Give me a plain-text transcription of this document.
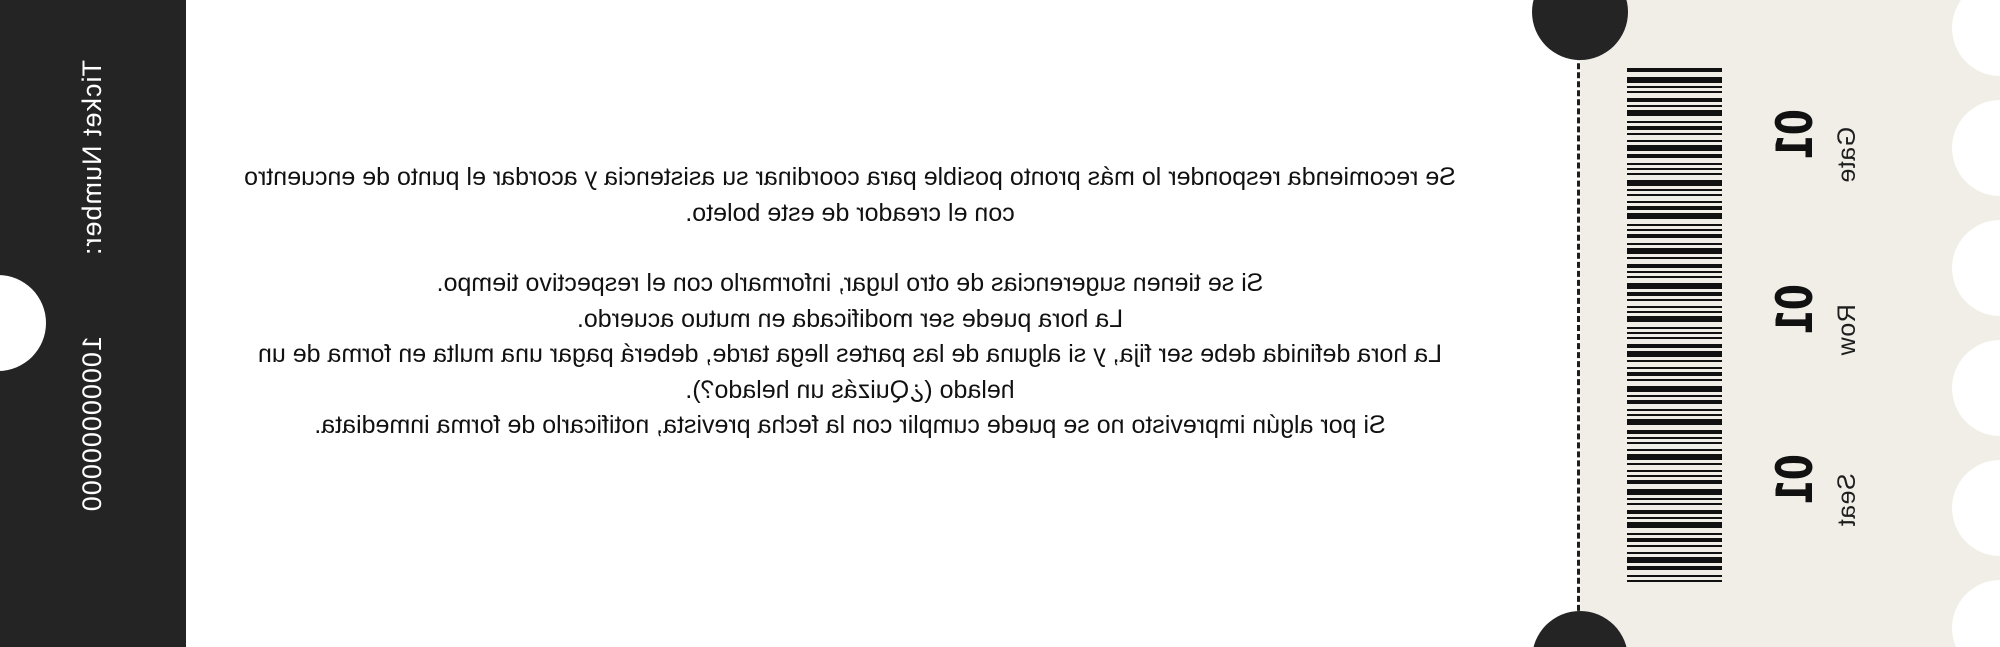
Gate
01
Row
01
Seat
01

Se recomienda responder lo más pronto posible para coordinar su asistencia y acordar el punto de encuentro con el creador de este boleto.

Si se tienen sugerencias de otro lugar, informarlo con el respectivo tiempo.

La hora puede ser modificada en mutuo acuerdo.

La hora definida debe ser fija, y si alguna de las partes llega tarde, deberá pagar una multa en forma de un helado (¿Quizás un helado?).

Si por algún imprevisto no se puede cumplir con la fecha prevista, notificarlo de forma inmediata.

Ticket Number:10000000000
